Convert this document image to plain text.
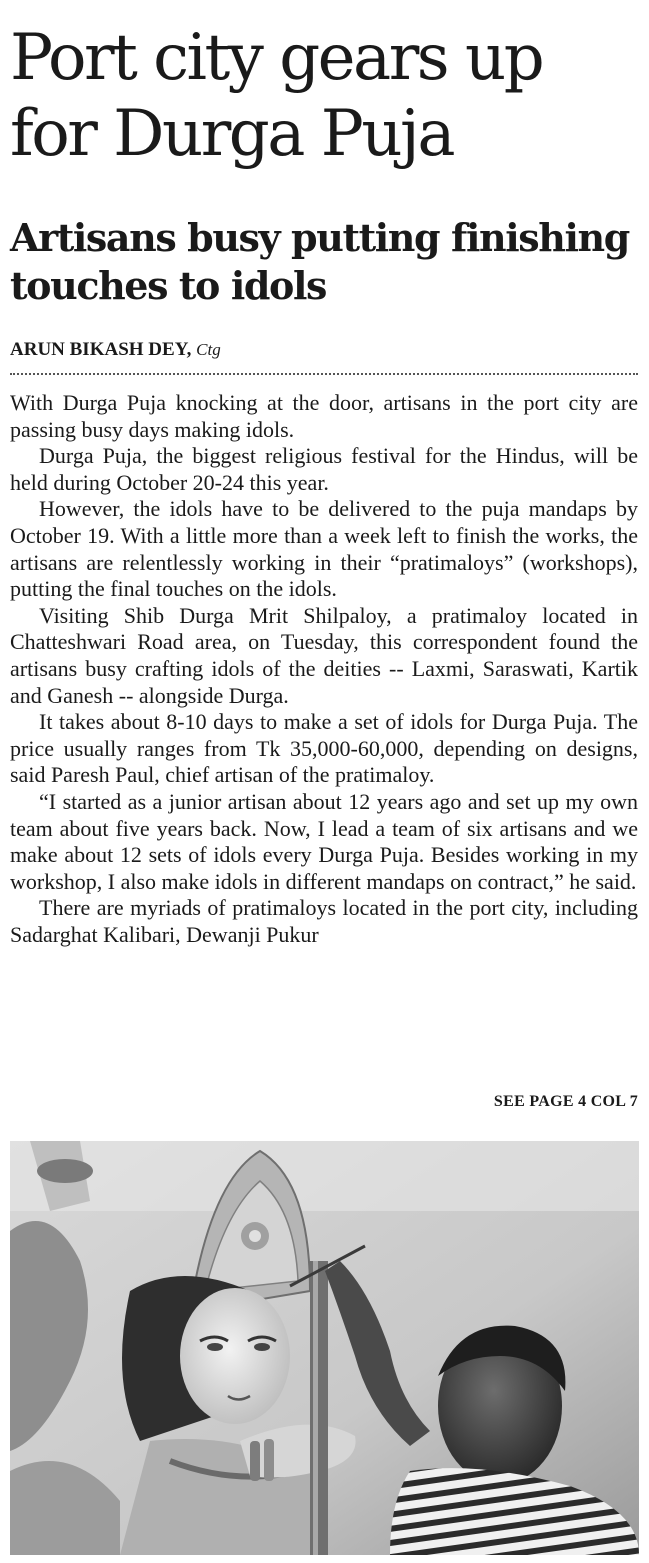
Port city gears up for Durga Puja
Artisans busy putting finishing touches to idols
ARUN BIKASH DEY, Ctg

With Durga Puja knocking at the door, artisans in the port city are passing busy days making idols.

Durga Puja, the biggest religious festival for the Hindus, will be held during October 20-24 this year.

However, the idols have to be delivered to the puja mandaps by October 19. With a little more than a week left to finish the works, the artisans are relentlessly working in their “pratimaloys” (workshops), putting the final touches on the idols.

Visiting Shib Durga Mrit Shilpaloy, a pratimaloy located in Chatteshwari Road area, on Tuesday, this correspondent found the artisans busy crafting idols of the deities -- Laxmi, Saraswati, Kartik and Ganesh -- alongside Durga.

It takes about 8-10 days to make a set of idols for Durga Puja. The price usually ranges from Tk 35,000-60,000, depending on designs, said Paresh Paul, chief artisan of the pratimaloy.

“I started as a junior artisan about 12 years ago and set up my own team about five years back. Now, I lead a team of six artisans and we make about 12 sets of idols every Durga Puja. Besides working in my workshop, I also make idols in different mandaps on contract,” he said.

There are myriads of pratimaloys located in the port city, including Sadarghat Kalibari, Dewanji Pukur

SEE PAGE 4 COL 7
